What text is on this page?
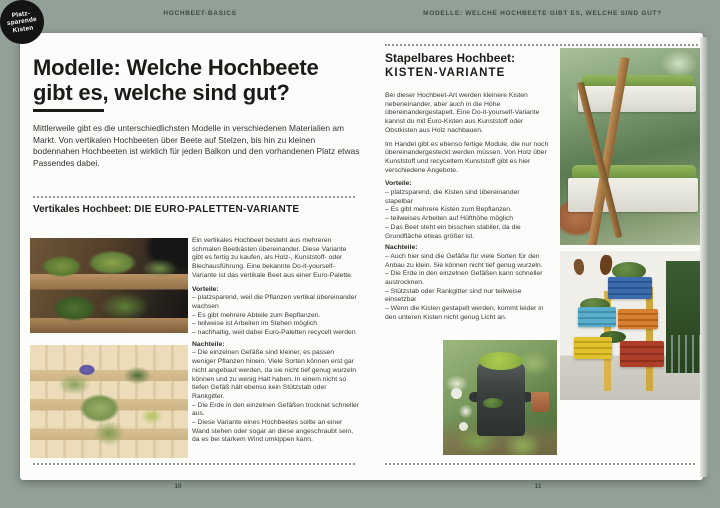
HOCHBEET-BASICS	MODELLE: WELCHE HOCHBEETE GIBT ES, WELCHE SIND GUT?
Modelle: Welche Hochbeete
gibt es, welche sind gut?
Mittlerweile gibt es die unterschiedlichsten Modelle in verschiedenen Materialien am Markt. Von vertikalen Hochbeeten über Beete auf Stelzen, bis hin zu kleinen bodennahen Hochbeeten ist wirklich für jeden Balkon und den vorhandenen Platz etwas Passendes dabei.
Vertikales Hochbeet: DIE EURO-PALETTEN-VARIANTE

Ein vertikales Hochbeet besteht aus mehreren schmalen Beetkästen übereinander. Diese Variante gibt es fertig zu kaufen, als Holz-, Kunststoff- oder Blechausführung. Eine bekannte Do-it-yourself-Variante ist das vertikale Beet aus einer Euro-Palette.

Vorteile:

– platzsparend, weil die Pflanzen vertikal übereinander wachsen
– Es gibt mehrere Abteile zum Bepflanzen.
– teilweise ist Arbeiten im Stehen möglich
– nachhaltig, weil dabei Euro-Paletten recycelt werden

Nachteile:

– Die einzelnen Gefäße sind kleiner, es passen weniger Pflanzen hinein. Viele Sorten können erst gar nicht angebaut werden, da sie nicht tief genug wurzeln können und zu wenig Halt haben. In einem nicht so tiefen Gefäß hält ebenso kein Stützstab oder Rankgitter.
– Die Erde in den einzelnen Gefäßen trocknet schneller aus.
– Diese Variante eines Hochbeetes sollte an einer Wand stehen oder sogar an diese angeschraubt sein, da es bei starkem Wind umkippen kann.
Stapelbares Hochbeet:
KISTEN-VARIANTE

Bei dieser Hochbeet-Art werden kleinere Kisten nebeneinander, aber auch in die Höhe übereinandergestapelt. Eine Do-it-yourself-Variante kannst du mit Euro-Kisten aus Kunststoff oder Obstkisten aus Holz nachbauen.

Im Handel gibt es ebenso fertige Module, die nur noch übereinandergesteckt werden müssen. Von Holz über Kunststoff und recyceltem Kunststoff gibt es hier verschiedene Angebote.

Vorteile:

– platzsparend, die Kisten sind übereinander stapelbar
– Es gibt mehrere Kisten zum Bepflanzen.
– teilweises Arbeiten auf Hüfthöhe möglich
– Das Beet steht ein bisschen stabiler, da die Grundfläche etwas größer ist.

Nachteile:

– Auch hier sind die Gefäße für viele Sorten für den Anbau zu klein. Sie können nicht tief genug wurzeln.
– Die Erde in den einzelnen Gefäßen kann schneller austrocknen.
– Stützstab oder Rankgitter sind nur teilweise einsetzbar
– Wenn die Kisten gestapelt werden, kommt leider in den unteren Kisten nicht genug Licht an.
Platz-
sparende
Kisten
10	11
